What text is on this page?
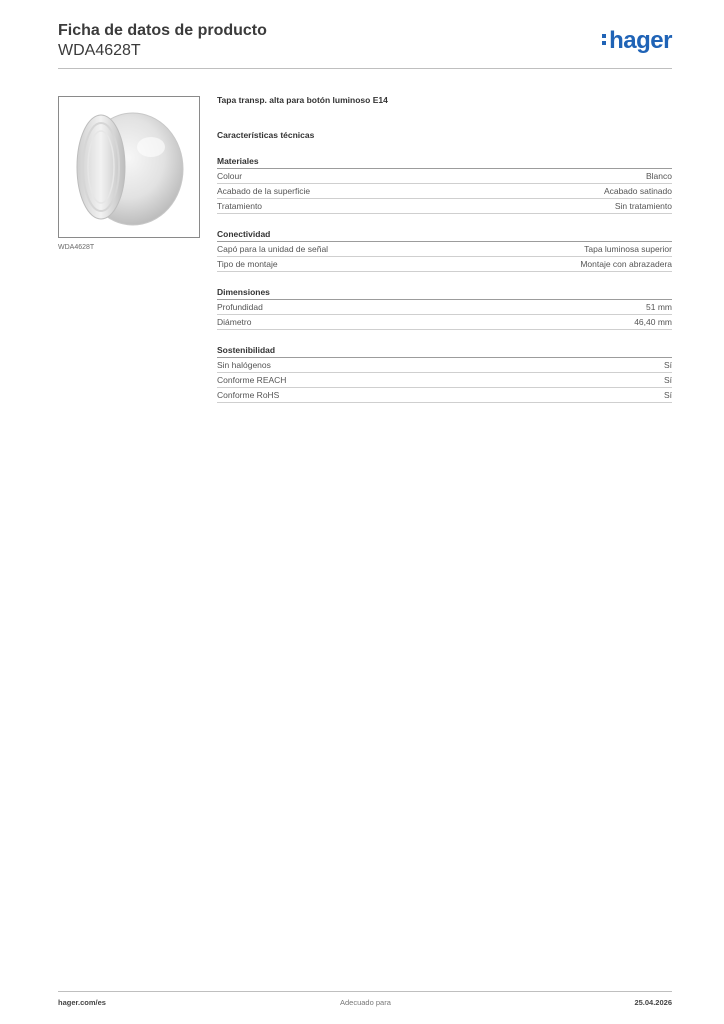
Ficha de datos de producto
WDA4628T	hager
WDA4628T
Tapa transp. alta para botón luminoso E14
Características técnicas
Materiales
Colour	Blanco
Acabado de la superficie	Acabado satinado
Tratamiento	Sin tratamiento
Conectividad
Capó para la unidad de señal	Tapa luminosa superior
Tipo de montaje	Montaje con abrazadera
Dimensiones
Profundidad	51 mm
Diámetro	46,40 mm
Sostenibilidad
Sin halógenos	Sí
Conforme REACH	Sí
Conforme RoHS	Sí
hager.com/es	Adecuado para	25.04.2026
